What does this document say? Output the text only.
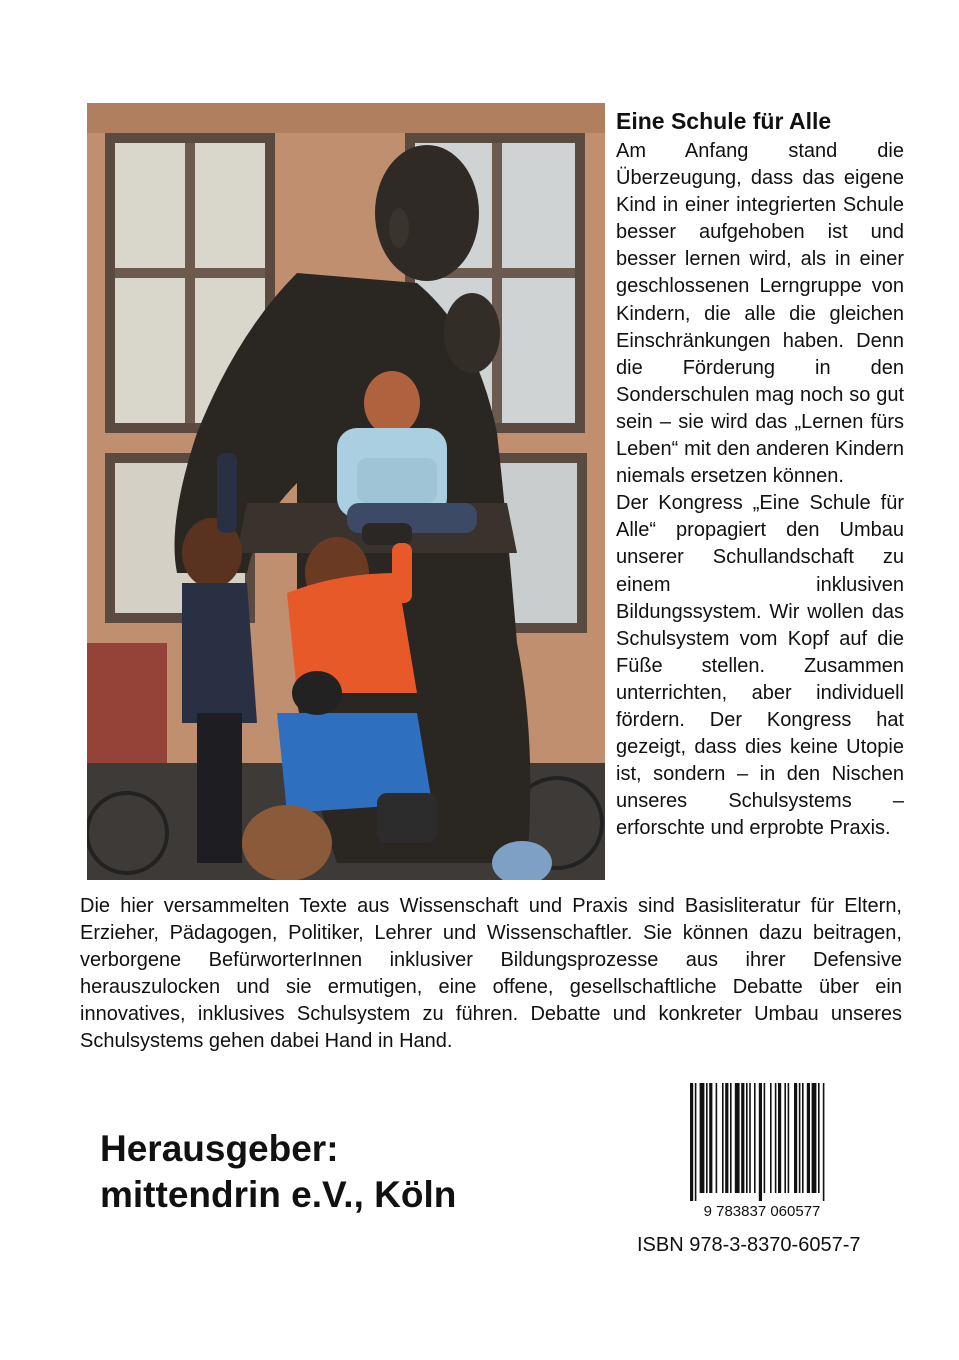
Eine Schule für Alle

Am Anfang stand die Überzeugung, dass das eigene Kind in einer integrierten Schule besser aufgehoben ist und besser lernen wird, als in einer geschlossenen Lerngruppe von Kindern, die alle die gleichen Einschränkungen haben. Denn die Förderung in den Sonderschulen mag noch so gut sein – sie wird das „Lernen fürs Leben“ mit den anderen Kindern niemals ersetzen können.

Der Kongress „Eine Schule für Alle“ propagiert den Umbau unserer Schullandschaft zu einem inklusiven Bildungssystem. Wir wollen das Schulsystem vom Kopf auf die Füße stellen. Zusammen unterrichten, aber individuell fördern. Der Kongress hat gezeigt, dass dies keine Utopie ist, sondern – in den Nischen unseres Schulsystems – erforschte und erprobte Praxis.

Die hier versammelten Texte aus Wissenschaft und Praxis sind Basisliteratur für Eltern, Erzieher, Pädagogen, Politiker, Lehrer und Wissenschaftler. Sie können dazu beitragen, verborgene BefürworterInnen inklusiver Bildungsprozesse aus ihrer Defensive herauszulocken und sie ermutigen, eine offene, gesellschaftliche Debatte über ein innovatives, inklusives Schulsystem zu führen. Debatte und konkreter Umbau unseres Schulsystems gehen dabei Hand in Hand.

Herausgeber:
mittendrin e.V., Köln	9 783837 060577
ISBN 978-3-8370-6057-7
